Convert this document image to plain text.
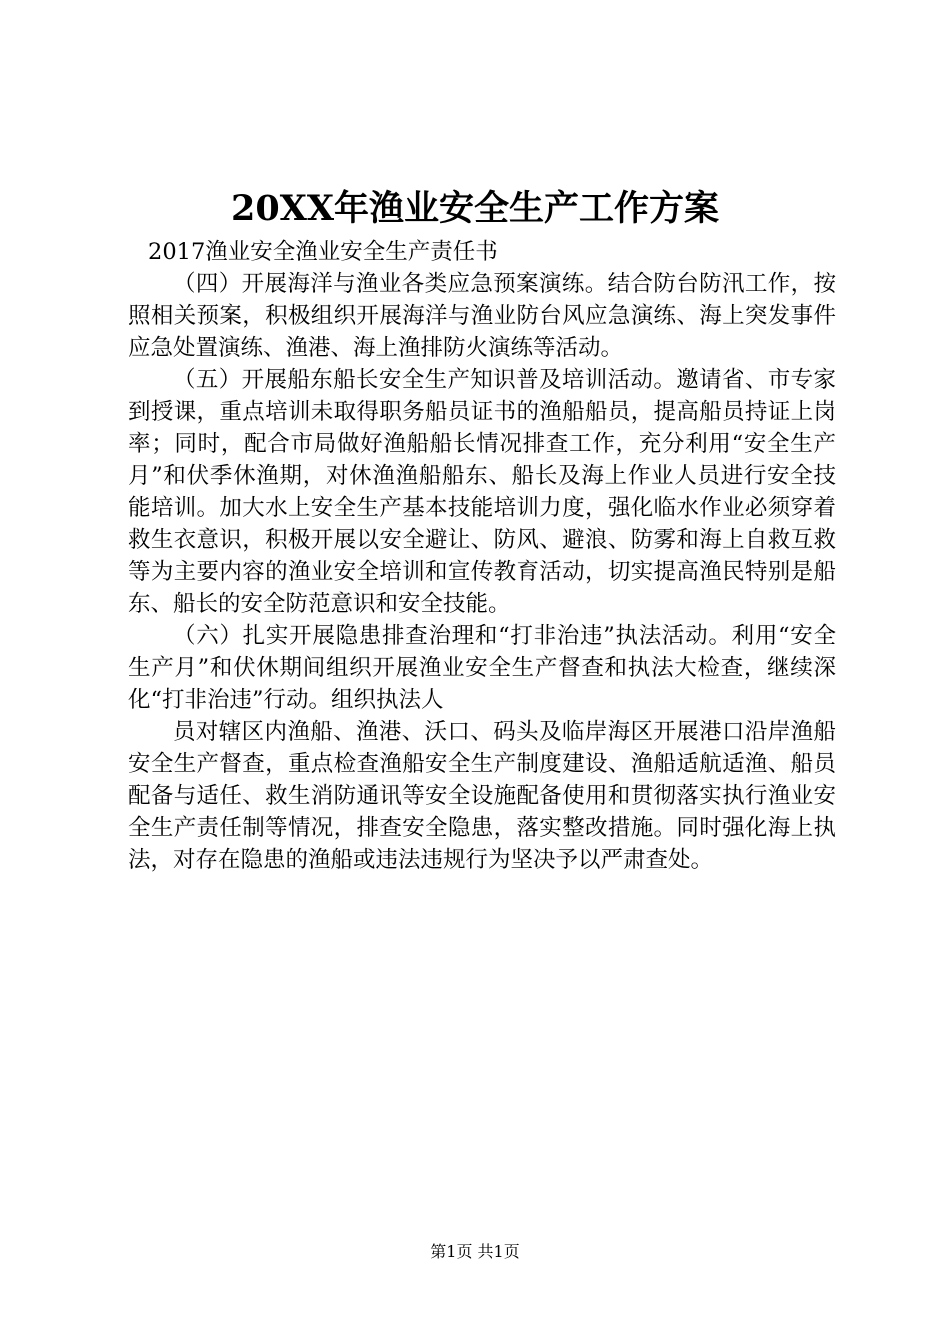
20XX年渔业安全生产工作方案

2017渔业安全渔业安全生产责任书

（四）开展海洋与渔业各类应急预案演练。结合防台防汛工作，按照相关预案，积极组织开展海洋与渔业防台风应急演练、海上突发事件应急处置演练、渔港、海上渔排防火演练等活动。

（五）开展船东船长安全生产知识普及培训活动。邀请省、市专家到授课，重点培训未取得职务船员证书的渔船船员，提高船员持证上岗率；同时，配合市局做好渔船船长情况排查工作，充分利用“安全生产月”和伏季休渔期，对休渔渔船船东、船长及海上作业人员进行安全技能培训。加大水上安全生产基本技能培训力度，强化临水作业必须穿着救生衣意识，积极开展以安全避让、防风、避浪、防雾和海上自救互救等为主要内容的渔业安全培训和宣传教育活动，切实提高渔民特别是船东、船长的安全防范意识和安全技能。

（六）扎实开展隐患排查治理和“打非治违”执法活动。利用“安全生产月”和伏休期间组织开展渔业安全生产督查和执法大检查，继续深化“打非治违”行动。组织执法人

员对辖区内渔船、渔港、沃口、码头及临岸海区开展港口沿岸渔船安全生产督查，重点检查渔船安全生产制度建设、渔船适航适渔、船员配备与适任、救生消防通讯等安全设施配备使用和贯彻落实执行渔业安全生产责任制等情况，排查安全隐患，落实整改措施。同时强化海上执法，对存在隐患的渔船或违法违规行为坚决予以严肃查处。

第1页 共1页
